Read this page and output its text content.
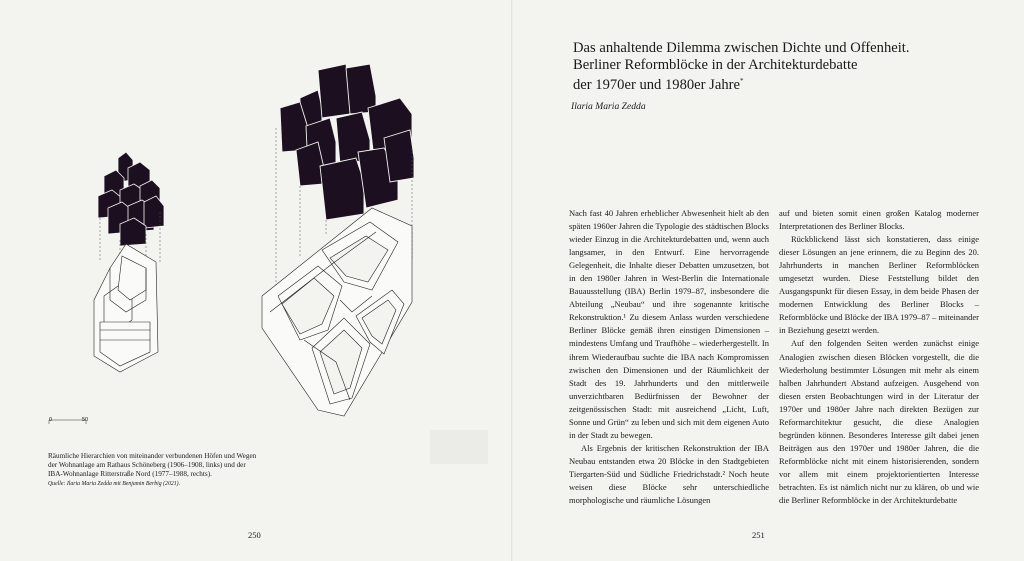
0	50
Räumliche Hierarchien von miteinander verbundenen Höfen und Wegen der Wohnanlage am Rathaus Schöneberg (1906–1908, links) und der IBA-Wohnanlage Ritterstraße Nord (1977–1988, rechts).
Quelle: Ilaria Maria Zedda mit Benjamin Berbig (2021).
250
Das anhaltende Dilemma zwischen Dichte und Offenheit.
Berliner Reformblöcke in der Architekturdebatte
der 1970er und 1980er Jahre*
Ilaria Maria Zedda

Nach fast 40 Jahren erheblicher Abwesenheit hielt ab den späten 1960er Jahren die Typologie des städtischen Blocks wieder Einzug in die Architekturdebatten und, wenn auch langsamer, in den Entwurf. Eine hervorragende Gelegenheit, die Inhalte dieser Debatten umzusetzen, bot in den 1980er Jahren in West-Berlin die Internationale Bauausstellung (IBA) Berlin 1979–87, insbesondere die Abteilung „Neubau“ und ihre sogenannte kritische Rekonstruktion.¹ Zu diesem Anlass wurden verschiedene Berliner Blöcke gemäß ihren einstigen Dimensionen – mindestens Umfang und Traufhöhe – wiederhergestellt. In ihrem Wiederaufbau suchte die IBA nach Kompromissen zwischen den Dimensionen und der Räumlichkeit der Stadt des 19. Jahrhunderts und den mittlerweile unverzichtbaren Bedürfnissen der Bewohner der zeitgenössischen Stadt: mit ausreichend „Licht, Luft, Sonne und Grün“ zu leben und sich mit dem eigenen Auto in der Stadt zu bewegen.

Als Ergebnis der kritischen Rekonstruktion der IBA Neubau entstanden etwa 20 Blöcke in den Stadtgebieten Tiergarten-Süd und Südliche Friedrichstadt.² Noch heute weisen diese Blöcke sehr unterschiedliche morphologische und räumliche Lösungen

auf und bieten somit einen großen Katalog moderner Interpretationen des Berliner Blocks.

Rückblickend lässt sich konstatieren, dass einige dieser Lösungen an jene erinnern, die zu Beginn des 20. Jahrhunderts in manchen Berliner Reformblöcken umgesetzt wurden. Diese Feststellung bildet den Ausgangspunkt für diesen Essay, in dem beide Phasen der modernen Entwicklung des Berliner Blocks – Reformblöcke und Blöcke der IBA 1979–87 – miteinander in Beziehung gesetzt werden.

Auf den folgenden Seiten werden zunächst einige Analogien zwischen diesen Blöcken vorgestellt, die die Wiederholung bestimmter Lösungen mit mehr als einem halben Jahrhundert Abstand aufzeigen. Ausgehend von diesen ersten Beobachtungen wird in der Literatur der 1970er und 1980er Jahre nach direkten Bezügen zur Reformarchitektur gesucht, die diese Analogien begründen können. Besonderes Interesse gilt dabei jenen Beiträgen aus den 1970er und 1980er Jahren, die die Reformblöcke nicht mit einem historisierenden, sondern vor allem mit einem projektorientierten Interesse betrachten. Es ist nämlich nicht nur zu klären, ob und wie die Berliner Reformblöcke in der Architekturdebatte

251
